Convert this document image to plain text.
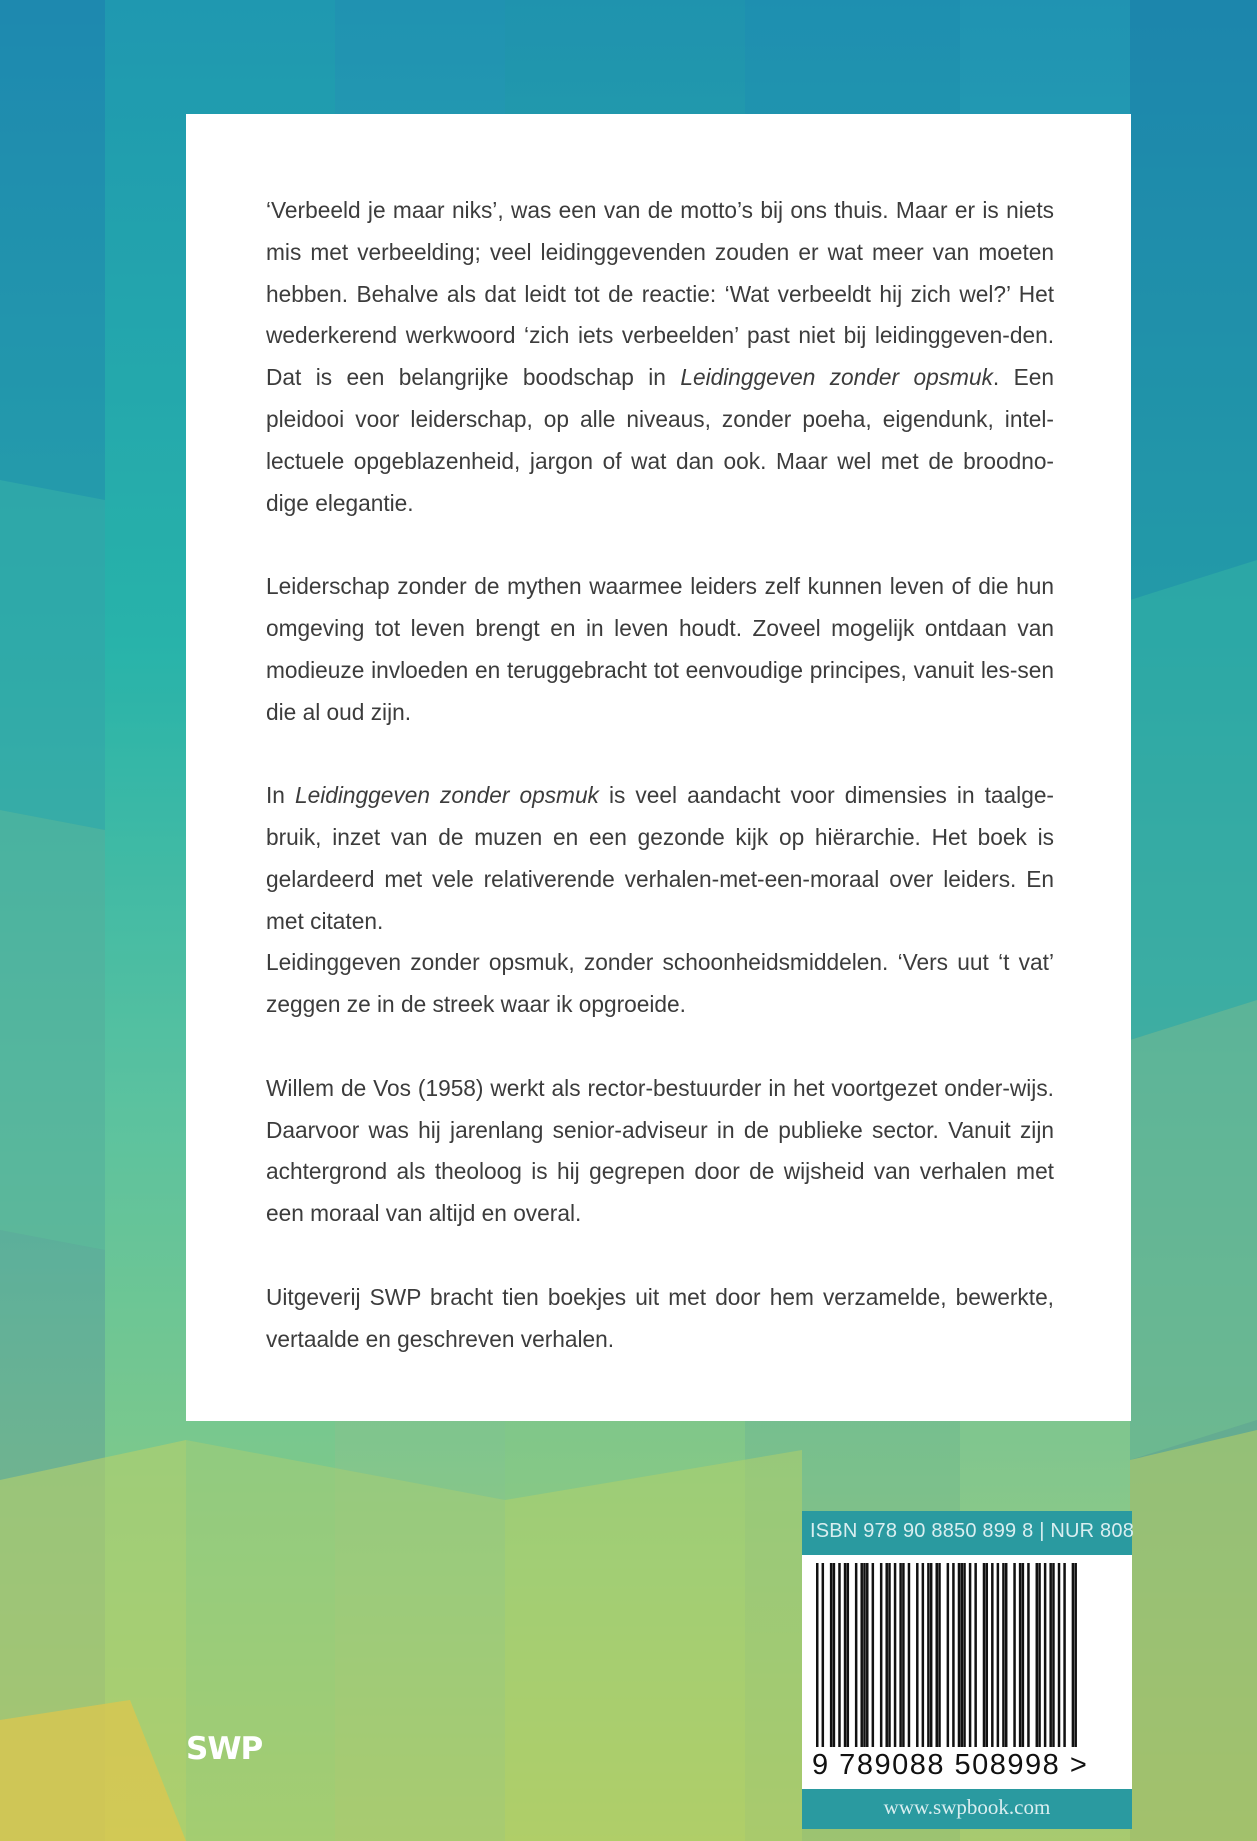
‘Verbeeld je maar niks’, was een van de motto’s bij ons thuis. Maar er is niets mis met verbeelding; veel leidinggevenden zouden er wat meer van moeten hebben. Behalve als dat leidt tot de reactie: ‘Wat verbeeldt hij zich wel?’ Het wederkerend werkwoord ‘zich iets verbeelden’ past niet bij leidinggeven-den. Dat is een belangrijke boodschap in Leidinggeven zonder opsmuk. Een pleidooi voor leiderschap, op alle niveaus, zonder poeha, eigendunk, intel-lectuele opgeblazenheid, jargon of wat dan ook. Maar wel met de broodno-dige elegantie.

Leiderschap zonder de mythen waarmee leiders zelf kunnen leven of die hun omgeving tot leven brengt en in leven houdt. Zoveel mogelijk ontdaan van modieuze invloeden en teruggebracht tot eenvoudige principes, vanuit les-sen die al oud zijn.

In Leidinggeven zonder opsmuk is veel aandacht voor dimensies in taalge-bruik, inzet van de muzen en een gezonde kijk op hiërarchie. Het boek is gelardeerd met vele relativerende verhalen-met-een-moraal over leiders. En met citaten.

Leidinggeven zonder opsmuk, zonder schoonheidsmiddelen. ‘Vers uut ‘t vat’ zeggen ze in de streek waar ik opgroeide.

Willem de Vos (1958) werkt als rector-bestuurder in het voortgezet onder-wijs. Daarvoor was hij jarenlang senior-adviseur in de publieke sector. Vanuit zijn achtergrond als theoloog is hij gegrepen door de wijsheid van verhalen met een moraal van altijd en overal.

Uitgeverij SWP bracht tien boekjes uit met door hem verzamelde, bewerkte, vertaalde en geschreven verhalen.

SWP
ISBN 978 90 8850 899 8 | NUR 808
9 789088 508998 >
www.swpbook.com
